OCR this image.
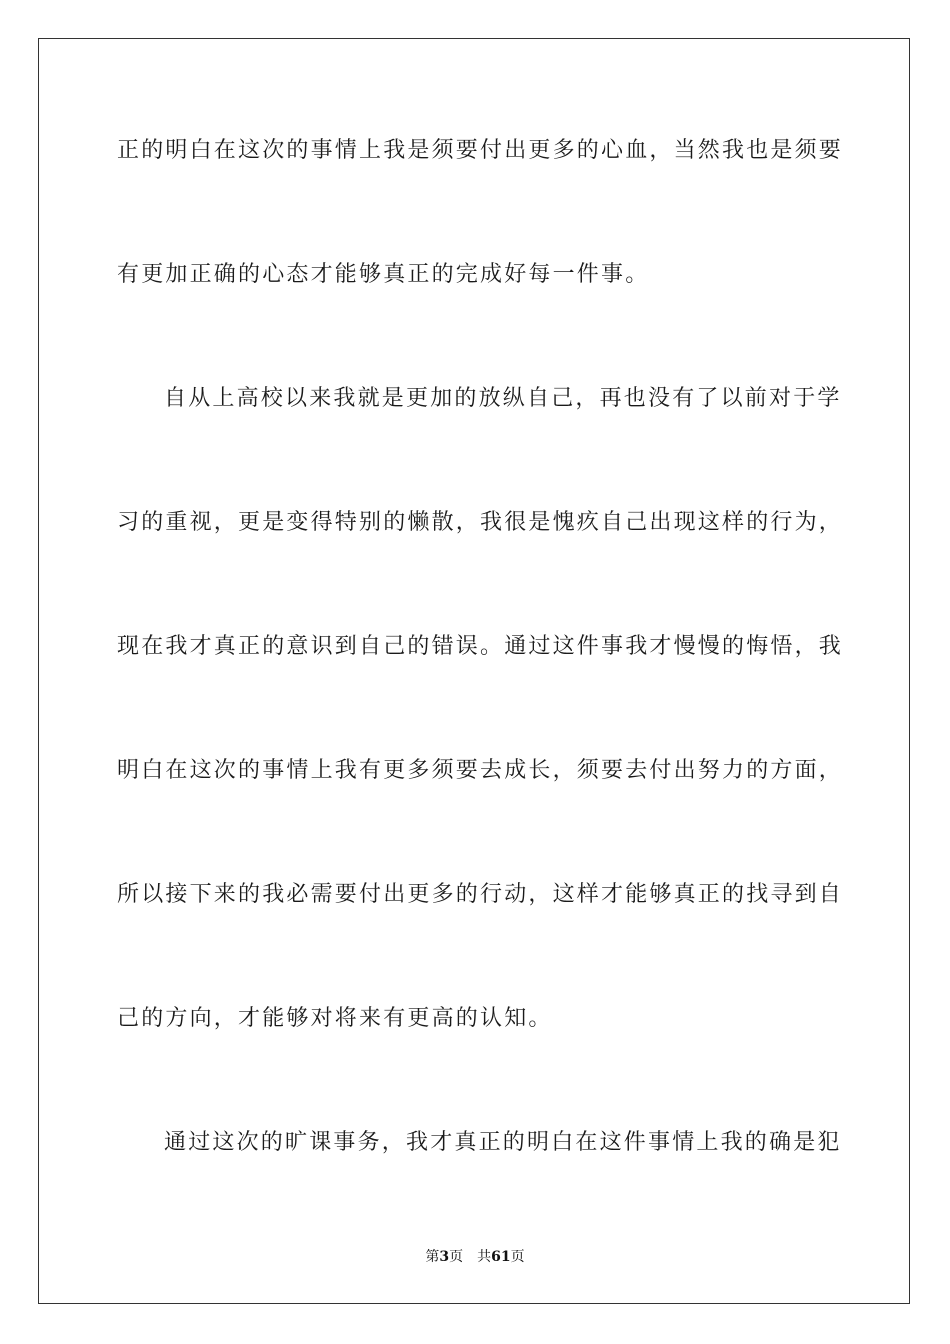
正的明白在这次的事情上我是须要付出更多的心血，当然我也是须要
有更加正确的心态才能够真正的完成好每一件事。
自从上高校以来我就是更加的放纵自己，再也没有了以前对于学
习的重视，更是变得特别的懒散，我很是愧疚自己出现这样的行为，
现在我才真正的意识到自己的错误。通过这件事我才慢慢的悔悟，我
明白在这次的事情上我有更多须要去成长，须要去付出努力的方面，
所以接下来的我必需要付出更多的行动，这样才能够真正的找寻到自
己的方向，才能够对将来有更高的认知。
通过这次的旷课事务，我才真正的明白在这件事情上我的确是犯
第3页 共61页
